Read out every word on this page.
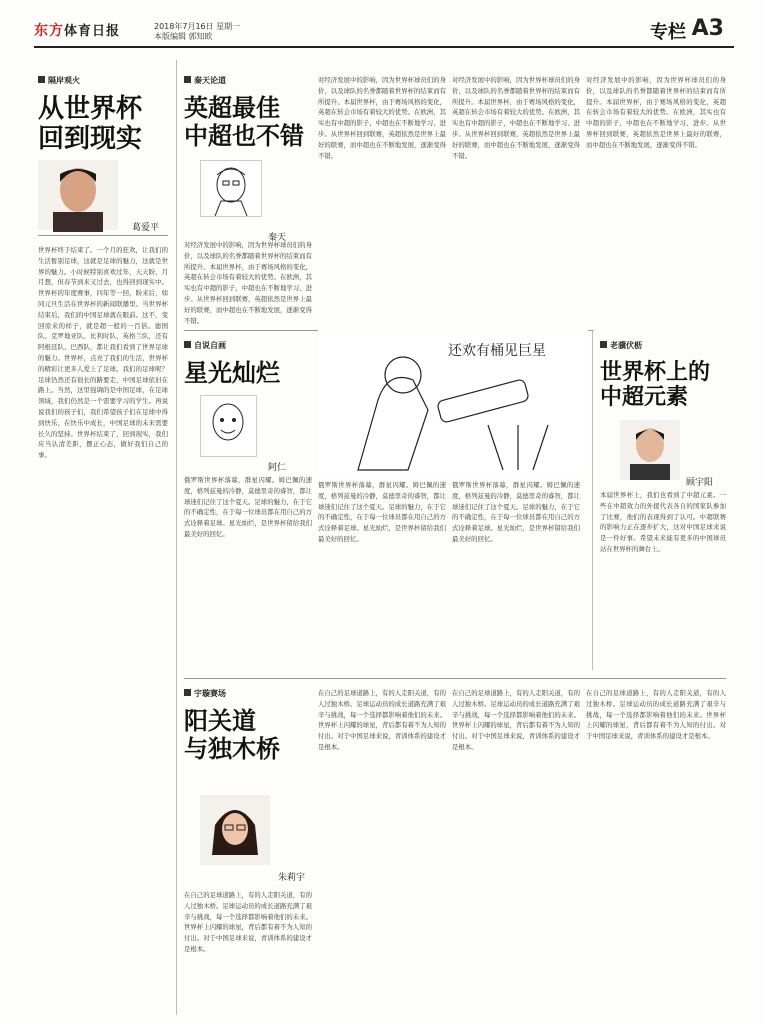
东方体育日报	2018年7月16日 星期一
本版编辑 郭知欧	专栏 A3
隔岸观火
从世界杯
回到现实
葛爱平
世界杯终于结束了。一个月的狂欢，让我们的生活暂别足球，这就是足球的魅力，这就是世界的魅力。小时候特别喜欢过年，天天盼，月月想，但春节到来又过去，也得回到现实中。世界杯的年度赛事，四年等一回，盼来后，如同元旦生活在世界杯的新闻联播里。当世界杯结束后，我们的中国足球就在眼前。这不，变回原来的样子，就是超一般的一百倍。德国队、克罗地亚队、比利时队、英格兰队，还有阿根廷队、巴西队，都让我们看到了世界足球的魅力。世界杯，点亮了我们的生活，世界杯的精彩让更多人爱上了足球。我们的足球呢？足球仍然还有很长的路要走，中国足球依旧在路上。当然，这里强调的是中国足球，在足球领域，我们仍然是一个需要学习的学生。再说说我们的孩子们，我们希望孩子们在足球中得到快乐，在快乐中成长，中国足球的未来需要长久的坚持。世界杯结束了，回到现实，我们应当认清差距，摆正心态，做好我们自己的事。
秦天论道
英超最佳
中超也不错
秦天
对经济发展中的影响，因为世界杯球员们的身价，以及球队的名誉都随着世界杯的结束而有所提升。本届世界杯，由于赛场风格的变化，英超在转会市场有着较大的优势。在欧洲，其实也有中超的影子，中超也在不断地学习、进步。从世界杯回到联赛，英超依然是世界上最好的联赛，而中超也在不断地发展，逐渐变得不错。
对经济发展中的影响，因为世界杯球员们的身价，以及球队的名誉都随着世界杯的结束而有所提升。本届世界杯，由于赛场风格的变化，英超在转会市场有着较大的优势。在欧洲，其实也有中超的影子，中超也在不断地学习、进步。从世界杯回到联赛，英超依然是世界上最好的联赛，而中超也在不断地发展，逐渐变得不错。
对经济发展中的影响，因为世界杯球员们的身价，以及球队的名誉都随着世界杯的结束而有所提升。本届世界杯，由于赛场风格的变化，英超在转会市场有着较大的优势。在欧洲，其实也有中超的影子，中超也在不断地学习、进步。从世界杯回到联赛，英超依然是世界上最好的联赛，而中超也在不断地发展，逐渐变得不错。
对经济发展中的影响，因为世界杯球员们的身价，以及球队的名誉都随着世界杯的结束而有所提升。本届世界杯，由于赛场风格的变化，英超在转会市场有着较大的优势。在欧洲，其实也有中超的影子，中超也在不断地学习、进步。从世界杯回到联赛，英超依然是世界上最好的联赛，而中超也在不断地发展，逐渐变得不错。
自说自画
星光灿烂
阿仁
俄罗斯世界杯落幕，群星闪耀。姆巴佩的速度，格列兹曼的冷静，莫德里奇的睿智，都让球迷们记住了这个夏天。足球的魅力，在于它的不确定性，在于每一位球员都在用自己的方式诠释着足球。星光灿烂，是世界杯留给我们最美好的回忆。
还欢有桶见巨星
俄罗斯世界杯落幕，群星闪耀。姆巴佩的速度，格列兹曼的冷静，莫德里奇的睿智，都让球迷们记住了这个夏天。足球的魅力，在于它的不确定性，在于每一位球员都在用自己的方式诠释着足球。星光灿烂，是世界杯留给我们最美好的回忆。
俄罗斯世界杯落幕，群星闪耀。姆巴佩的速度，格列兹曼的冷静，莫德里奇的睿智，都让球迷们记住了这个夏天。足球的魅力，在于它的不确定性，在于每一位球员都在用自己的方式诠释着足球。星光灿烂，是世界杯留给我们最美好的回忆。
老骥伏枥
世界杯上的
中超元素
顾宇阳
本届世界杯上，我们也看到了中超元素。一些在中超效力的外援代表各自的国家队参加了比赛，他们的表现得到了认可。中超联赛的影响力正在逐步扩大，这对中国足球来说是一件好事。希望未来能有更多的中国球员站在世界杯的舞台上。
宇璇赛场
阳关道
与独木桥
朱莉宇
在自己的足球道路上，有的人走阳关道，有的人过独木桥。足球运动员的成长道路充满了艰辛与挑战，每一个选择都影响着他们的未来。世界杯上闪耀的球星，背后都有着不为人知的付出。对于中国足球来说，青训体系的建设才是根本。
在自己的足球道路上，有的人走阳关道，有的人过独木桥。足球运动员的成长道路充满了艰辛与挑战，每一个选择都影响着他们的未来。世界杯上闪耀的球星，背后都有着不为人知的付出。对于中国足球来说，青训体系的建设才是根本。
在自己的足球道路上，有的人走阳关道，有的人过独木桥。足球运动员的成长道路充满了艰辛与挑战，每一个选择都影响着他们的未来。世界杯上闪耀的球星，背后都有着不为人知的付出。对于中国足球来说，青训体系的建设才是根本。
在自己的足球道路上，有的人走阳关道，有的人过独木桥。足球运动员的成长道路充满了艰辛与挑战，每一个选择都影响着他们的未来。世界杯上闪耀的球星，背后都有着不为人知的付出。对于中国足球来说，青训体系的建设才是根本。
